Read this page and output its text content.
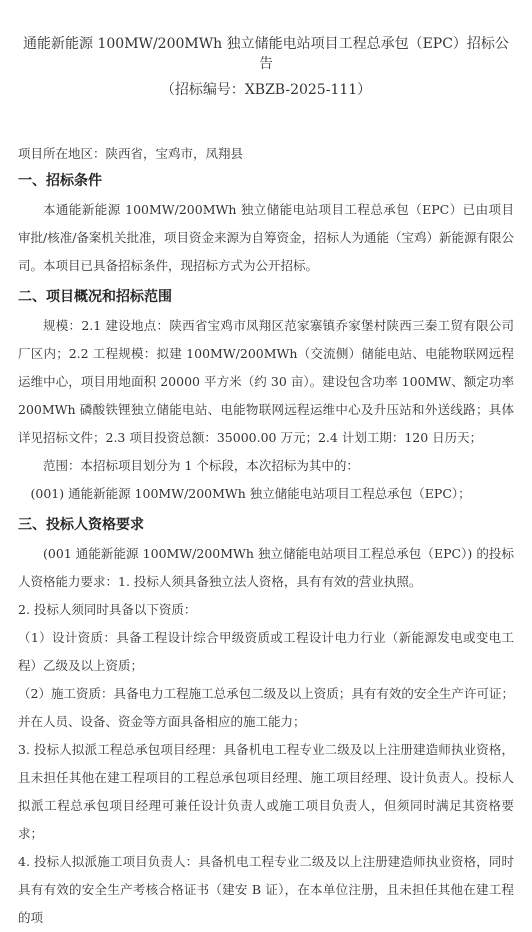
通能新能源 100MW/200MWh 独立储能电站项目工程总承包（EPC）招标公告
（招标编号：XBZB-2025-111）
项目所在地区：陕西省，宝鸡市，凤翔县
一、招标条件

本通能新能源 100MW/200MWh 独立储能电站项目工程总承包（EPC）已由项目审批/核准/备案机关批准，项目资金来源为自筹资金，招标人为通能（宝鸡）新能源有限公司。本项目已具备招标条件，现招标方式为公开招标。

二、项目概况和招标范围

规模：2.1 建设地点：陕西省宝鸡市凤翔区范家寨镇乔家堡村陕西三秦工贸有限公司厂区内；2.2 工程规模：拟建 100MW/200MWh（交流侧）储能电站、电能物联网远程运维中心，项目用地面积 20000 平方米（约 30 亩）。建设包含功率 100MW、额定功率 200MWh 磷酸铁锂独立储能电站、电能物联网远程运维中心及升压站和外送线路；具体详见招标文件；2.3 项目投资总额：35000.00 万元；2.4 计划工期：120 日历天；

范围：本招标项目划分为 1 个标段，本次招标为其中的：

(001) 通能新能源 100MW/200MWh 独立储能电站项目工程总承包（EPC）；

三、投标人资格要求

(001 通能新能源 100MW/200MWh 独立储能电站项目工程总承包（EPC）) 的投标人资格能力要求：1. 投标人须具备独立法人资格，具有有效的营业执照。

2. 投标人须同时具备以下资质：

（1）设计资质：具备工程设计综合甲级资质或工程设计电力行业（新能源发电或变电工程）乙级及以上资质；

（2）施工资质：具备电力工程施工总承包二级及以上资质；具有有效的安全生产许可证；并在人员、设备、资金等方面具备相应的施工能力；

3. 投标人拟派工程总承包项目经理：具备机电工程专业二级及以上注册建造师执业资格，且未担任其他在建工程项目的工程总承包项目经理、施工项目经理、设计负责人。投标人拟派工程总承包项目经理可兼任设计负责人或施工项目负责人，但须同时满足其资格要求；

4. 投标人拟派施工项目负责人：具备机电工程专业二级及以上注册建造师执业资格，同时具有有效的安全生产考核合格证书（建安 B 证），在本单位注册，且未担任其他在建工程的项
